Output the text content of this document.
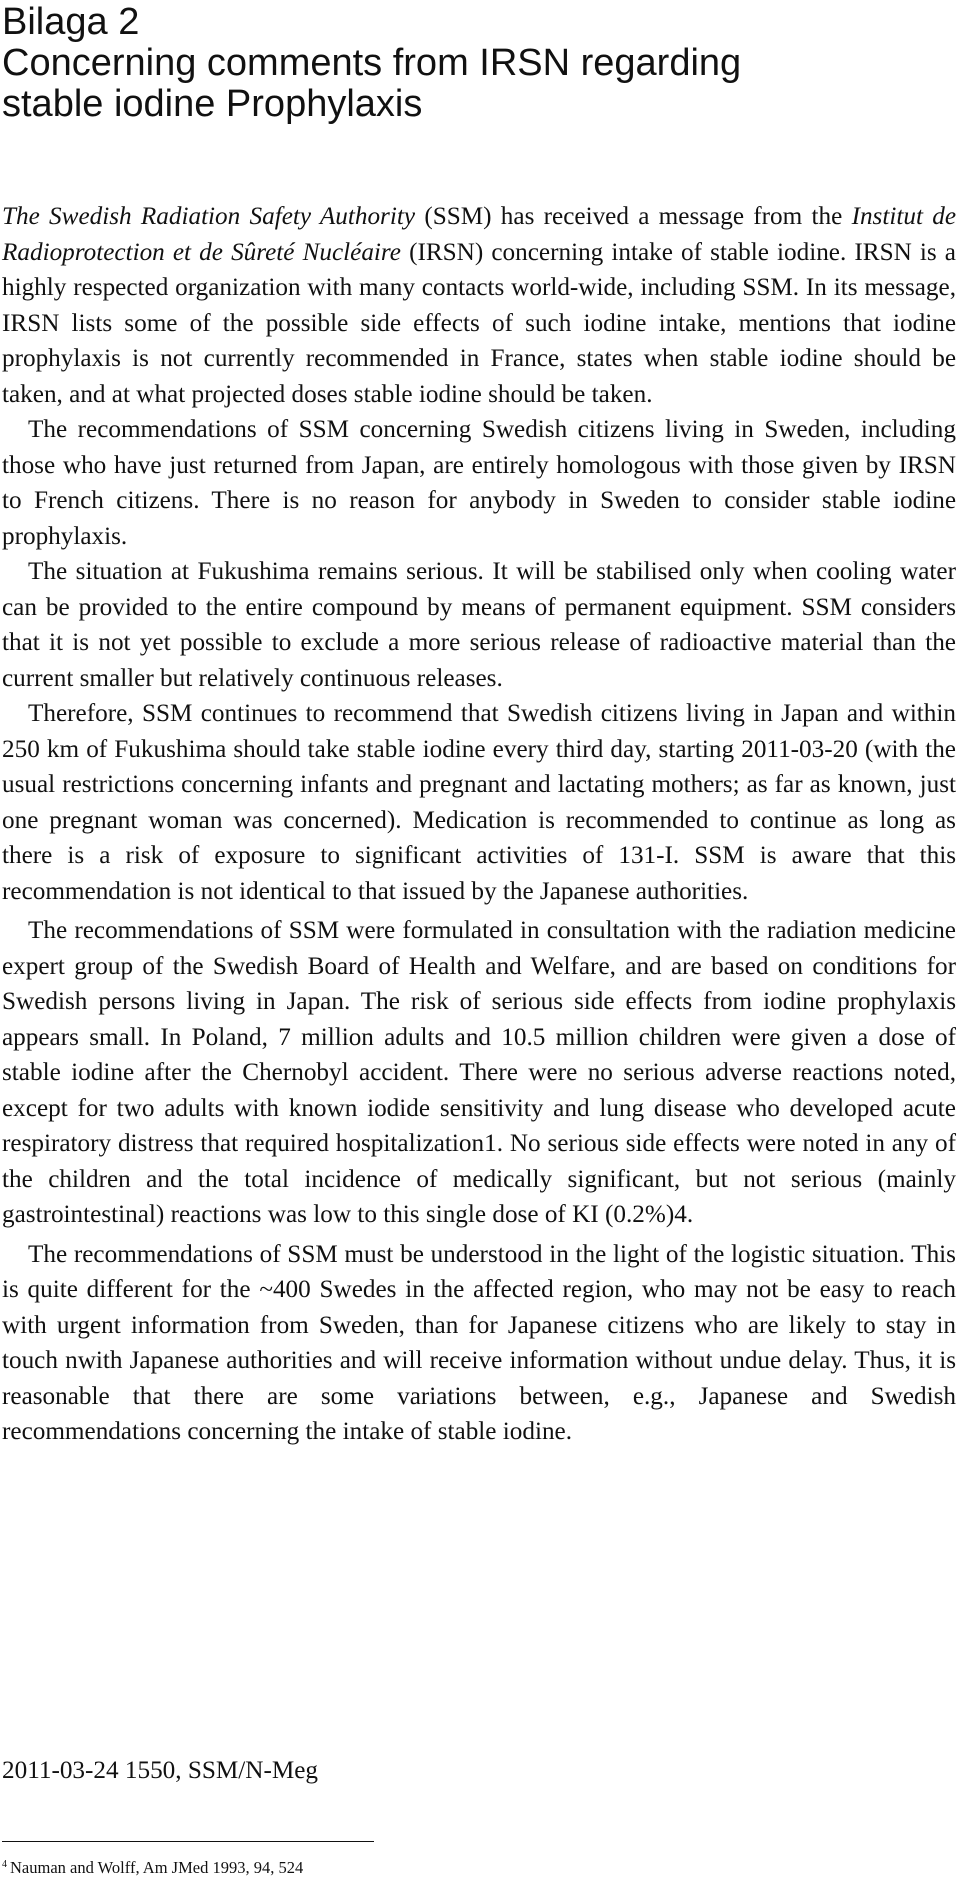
Bilaga 2
Concerning comments from IRSN regarding
stable iodine Prophylaxis

The Swedish Radiation Safety Authority (SSM) has received a message from the Institut de Radioprotection et de Sûreté Nucléaire (IRSN) concerning intake of stable iodine. IRSN is a highly respected organization with many contacts world-wide, including SSM. In its message, IRSN lists some of the possible side effects of such iodine intake, mentions that iodine prophylaxis is not currently recommended in France, states when stable iodine should be taken, and at what projected doses stable iodine should be taken.

The recommendations of SSM concerning Swedish citizens living in Sweden, including those who have just returned from Japan, are entirely homologous with those given by IRSN to French citizens. There is no reason for anybody in Sweden to consider stable iodine prophylaxis.

The situation at Fukushima remains serious. It will be stabilised only when cooling water can be provided to the entire compound by means of permanent equipment. SSM considers that it is not yet possible to exclude a more serious release of radioactive material than the current smaller but relatively continuous releases.

Therefore, SSM continues to recommend that Swedish citizens living in Japan and within 250 km of Fukushima should take stable iodine every third day, starting 2011-03-20 (with the usual restrictions concerning infants and pregnant and lactating mothers; as far as known, just one pregnant woman was concerned). Medication is recommended to continue as long as there is a risk of exposure to significant activities of 131-I. SSM is aware that this recommendation is not identical to that issued by the Japanese authorities.

The recommendations of SSM were formulated in consultation with the radiation medicine expert group of the Swedish Board of Health and Welfare, and are based on conditions for Swedish persons living in Japan. The risk of serious side effects from iodine prophylaxis appears small. In Poland, 7 million adults and 10.5 million children were given a dose of stable iodine after the Chernobyl accident. There were no serious adverse reactions noted, except for two adults with known iodide sensitivity and lung disease who developed acute respiratory distress that required hospitalization1. No serious side effects were noted in any of the children and the total incidence of medically significant, but not serious (mainly gastrointestinal) reactions was low to this single dose of KI (0.2%)4.

The recommendations of SSM must be understood in the light of the logistic situation. This is quite different for the ~400 Swedes in the affected region, who may not be easy to reach with urgent information from Sweden, than for Japanese citizens who are likely to stay in touch nwith Japanese authorities and will receive information without undue delay. Thus, it is reasonable that there are some variations between, e.g., Japanese and Swedish recommendations concerning the intake of stable iodine.

2011-03-24 1550, SSM/N-Meg

$^4$ Nauman and Wolff, Am JMed 1993, 94, 524
